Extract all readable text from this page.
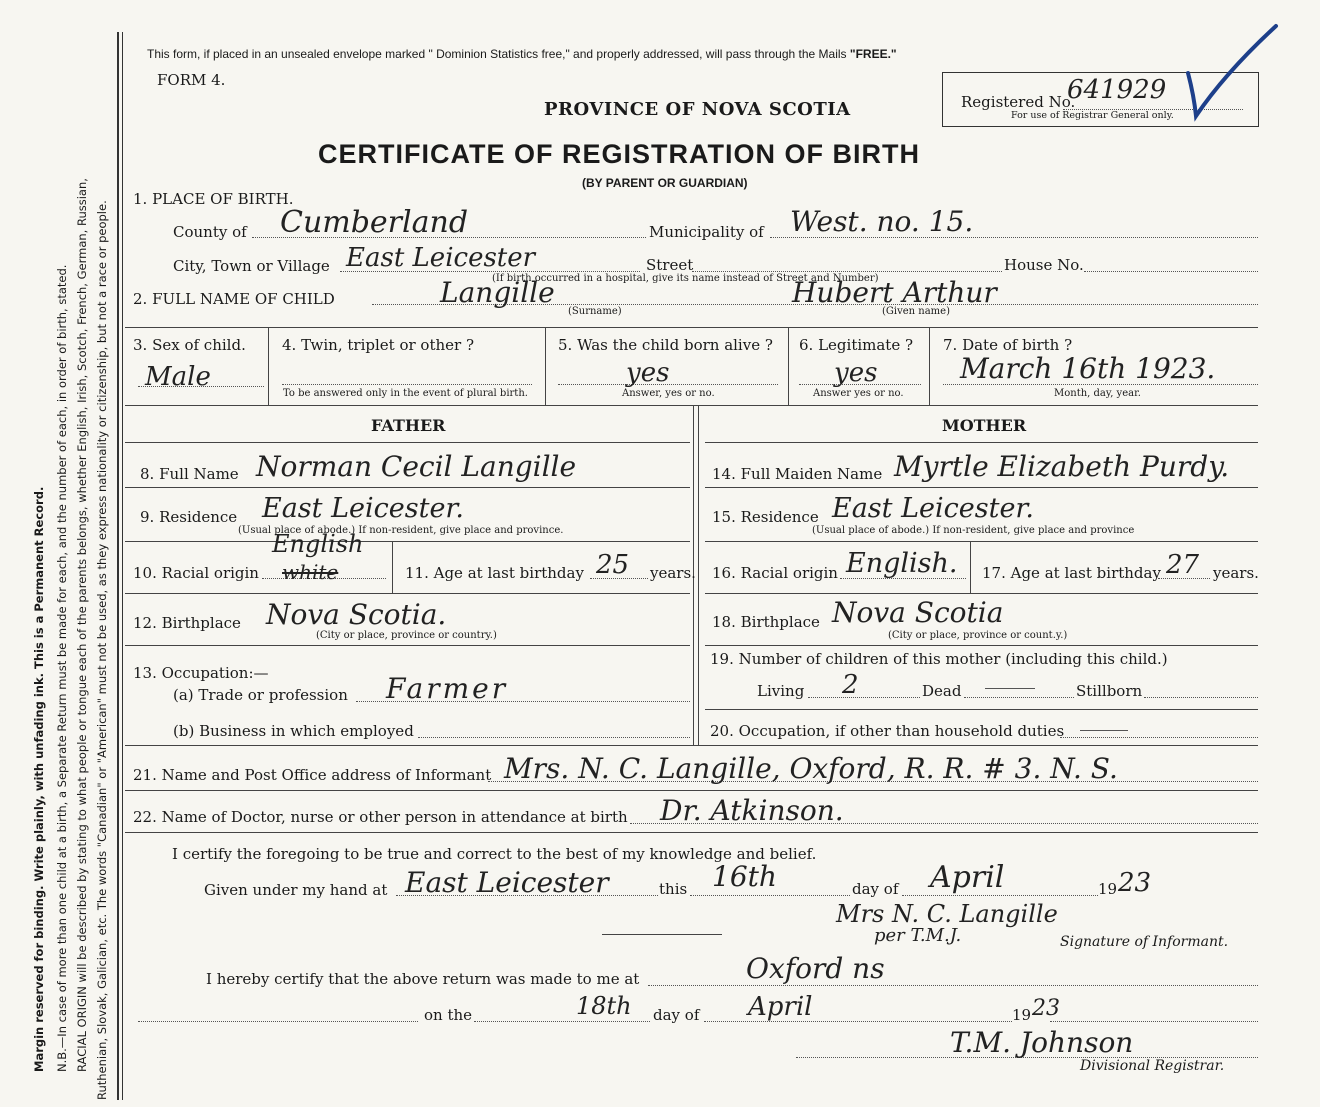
Margin reserved for binding. Write plainly, with unfading ink. This is a Permanent Record. N.B.—In case of more than one child at a birth, a Separate Return must be made for each, and the number of each, in order of birth, stated. RACIAL ORIGIN will be described by stating to what people or tongue each of the parents belongs, whether English, Irish, Scotch, French, German, Russian, Ruthenian, Slovak, Galician, etc. The words "Canadian" or "American" must not be used, as they express nationality or citizenship, but not a race or people.
This form, if placed in an unsealed envelope marked " Dominion Statistics free," and properly addressed, will pass through the Mails "FREE."
FORM 4.
PROVINCE OF NOVA SCOTIA	Registered No.
641929
For use of Registrar General only.
CERTIFICATE OF REGISTRATION OF BIRTH
(BY PARENT OR GUARDIAN)
1. PLACE OF BIRTH.
County of Cumberland	Municipality of West. no. 15.
City, Town or Village East Leicester	Street	House No.
(If birth occurred in a hospital, give its name instead of Street and Number)
2. FULL NAME OF CHILD	Langille
(Surname)
Hubert Arthur
(Given name)
3. Sex of child.
Male
4. Twin, triplet or other ?
To be answered only in the event of plural birth.
5. Was the child born alive ?
yes
Answer, yes or no.
6. Legitimate ?
yes
Answer yes or no.
7. Date of birth ?
March 16th 1923.
Month, day, year.
FATHER	MOTHER
8. Full Name Norman Cecil Langille	14. Full Maiden Name Myrtle Elizabeth Purdy.
9. Residence East Leicester.
(Usual place of abode.) If non-resident, give place and province.
15. Residence East Leicester.
(Usual place of abode.) If non-resident, give place and province
10. Racial origin white
English
11. Age at last birthday 25 years. 16. Racial origin English. 17. Age at last birthday 27 years.
12. Birthplace Nova Scotia.
(City or place, province or country.)
18. Birthplace Nova Scotia
(City or place, province or count.y.)
13. Occupation:—
(a) Trade or profession Farmer
(b) Business in which employed
19. Number of children of this mother (including this child.)
Living 2	Dead	Stillborn
20. Occupation, if other than household duties
21. Name and Post Office address of Informant Mrs. N. C. Langille, Oxford, R. R. # 3. N. S.
22. Name of Doctor, nurse or other person in attendance at birth Dr. Atkinson.
I certify the foregoing to be true and correct to the best of my knowledge and belief.
Given under my hand at East Leicester	this 16th	day of April	19 23
Mrs N. C. Langille
per T.M.J.	Signature of Informant.
I hereby certify that the above return was made to me at	Oxford ns
on the	18th day of April	19 23
T.M. Johnson
Divisional Registrar.
